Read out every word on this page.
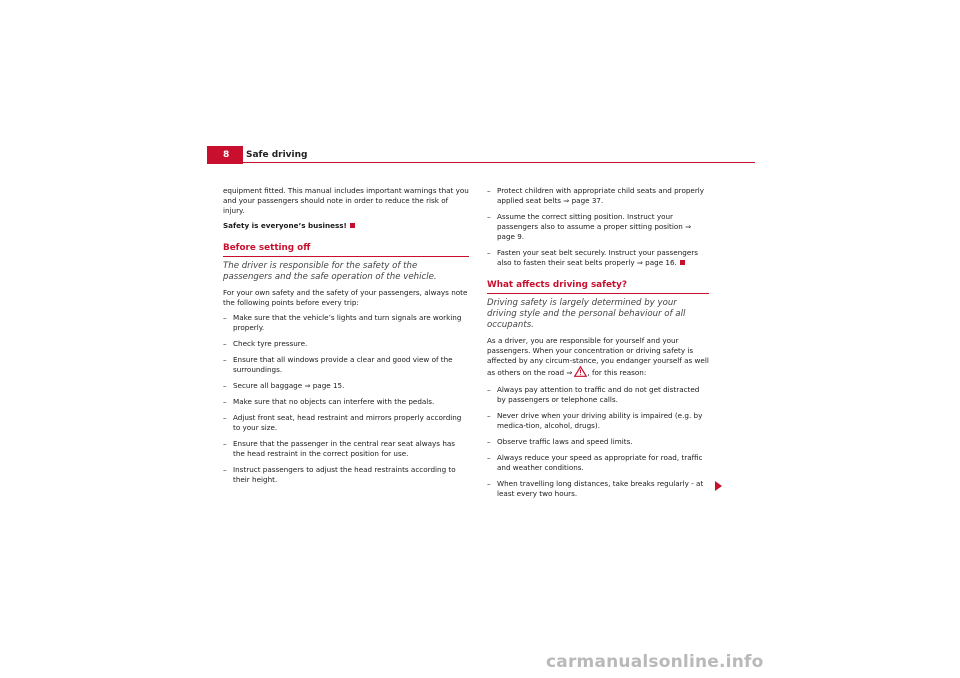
8	Safe driving

equipment fitted. This manual includes important warnings that you and your passengers should note in order to reduce the risk of injury.

Safety is everyone’s business!

Before setting off
The driver is responsible for the safety of the passengers and the safe operation of the vehicle.

For your own safety and the safety of your passengers, always note the following points before every trip:

– Make sure that the vehicle’s lights and turn signals are working properly.
– Check tyre pressure.
– Ensure that all windows provide a clear and good view of the surroundings.
– Secure all baggage ⇒ page 15.
– Make sure that no objects can interfere with the pedals.
– Adjust front seat, head restraint and mirrors properly according to your size.
– Ensure that the passenger in the central rear seat always has the head restraint in the correct position for use.
– Instruct passengers to adjust the head restraints according to their height.
– Protect children with appropriate child seats and properly applied seat belts ⇒ page 37.
– Assume the correct sitting position. Instruct your passengers also to assume a proper sitting position ⇒ page 9.
– Fasten your seat belt securely. Instruct your passengers also to fasten their seat belts properly ⇒ page 16.
What affects driving safety?
Driving safety is largely determined by your driving style and the personal behaviour of all occupants.

As a driver, you are responsible for yourself and your passengers. When your concentration or driving safety is affected by any circum-stance, you endanger yourself as well as others on the road ⇒ , for this reason:

– Always pay attention to traffic and do not get distracted by passengers or telephone calls.
– Never drive when your driving ability is impaired (e.g. by medica-tion, alcohol, drugs).
– Observe traffic laws and speed limits.
– Always reduce your speed as appropriate for road, traffic and weather conditions.
– When travelling long distances, take breaks regularly - at least every two hours.
carmanualsonline.info
